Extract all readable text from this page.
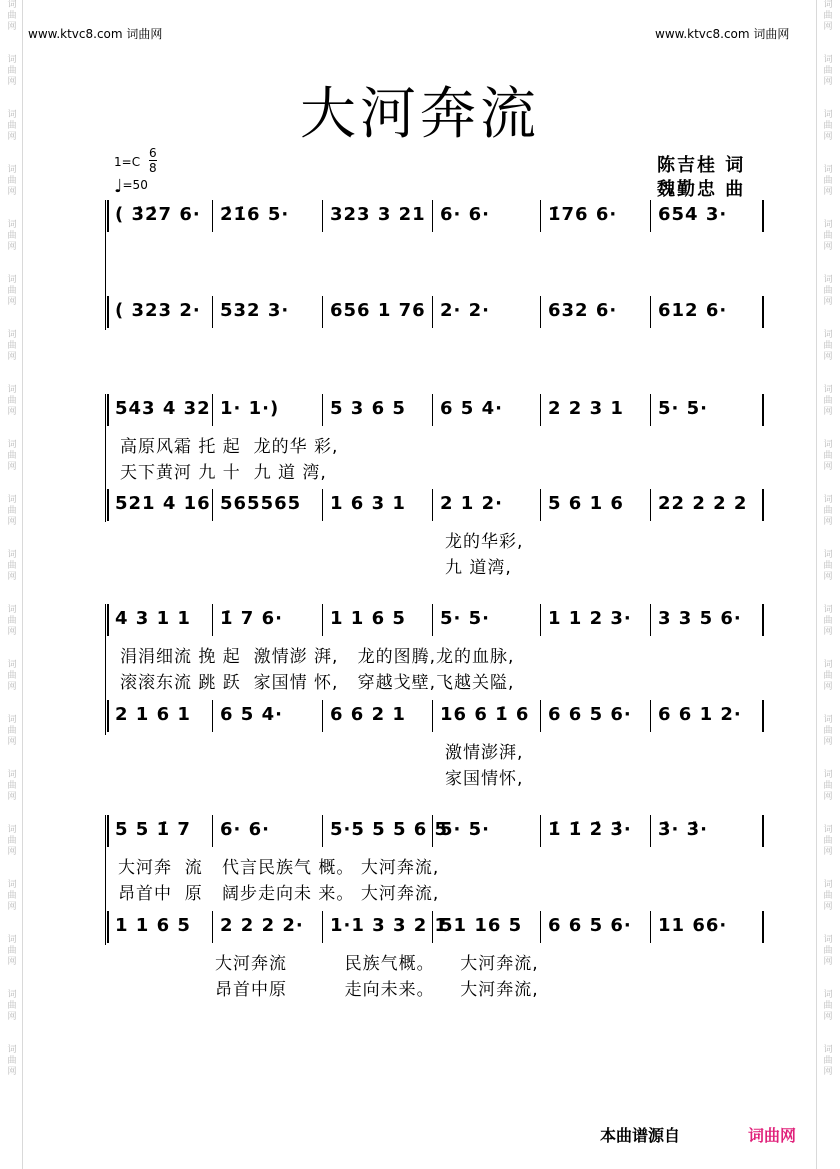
词
曲
网
词
曲
网
词
曲
网
词
曲
网
词
曲
网
词
曲
网
词
曲
网
词
曲
网
词
曲
网
词
曲
网
词
曲
网
词
曲
网
词
曲
网
词
曲
网
词
曲
网
词
曲
网
词
曲
网
词
曲
网
词
曲
网
词
曲
网
词
曲
网
词
曲
网
词
曲
网
词
曲
网
词
曲
网
词
曲
网
词
曲
网
词
曲
网
词
曲
网
词
曲
网
词
曲
网
词
曲
网
词
曲
网
词
曲
网
词
曲
网
词
曲
网
词
曲
网
词
曲
网
词
曲
网
词
曲
网
www.ktvc8.com 词曲网	www.ktvc8.com 词曲网
大河奔流
$1=C \frac{6}{8}$
♩=50
陈吉桂 词
魏勤忠 曲
( 3̇2̇7 6· 2̇1̇6 5· 323 3 21 6· 6·	1̇76 6· 654 3·
( 323 2· 532 3· 656 1 76 2· 2·	632 6· 612 6·
543 4 32 1· 1·)	5 3 6 5 6 5 4·	2 2 3 1 5· 5·
高原风霜 托 起  龙的华 彩,
天下黄河 九 十  九 道 湾,
521 4 16 565565 1 6 3 1 2 1 2·	5 6 1 6 22 2 2 2
龙的华彩,
九 道湾,
4 3 1 1 1̇ 7 6·	1 1 6 5 5· 5·	1 1 2 3· 3 3 5 6·
涓涓细流 挽 起  激情澎 湃,   龙的图腾,龙的血脉,
滚滚东流 跳 跃  家国情 怀,   穿越戈壁,飞越关隘,
2 1 6 1 6 5 4·	6 6 2 1 16 6 1̇ 6 6 6 5 6· 6 6 1 2·
激情澎湃,
家国情怀,
5 5 1̇ 7 6· 6·	5·5 5 5 6 5
5· 5·	1̇ 1̇ 2̇ 3̇· 3̇· 3̇·
大河奔  流   代言民族气 概。 大河奔流,
昂首中  原   阔步走向未 来。 大河奔流,
1 1 6 5 2 2 2 2· 1·1 3 3 2 1
51 16 5 6 6 5 6· 11 66·
大河奔流         民族气概。    大河奔流,
昂首中原         走向未来。    大河奔流,
本曲谱源自	词曲网
